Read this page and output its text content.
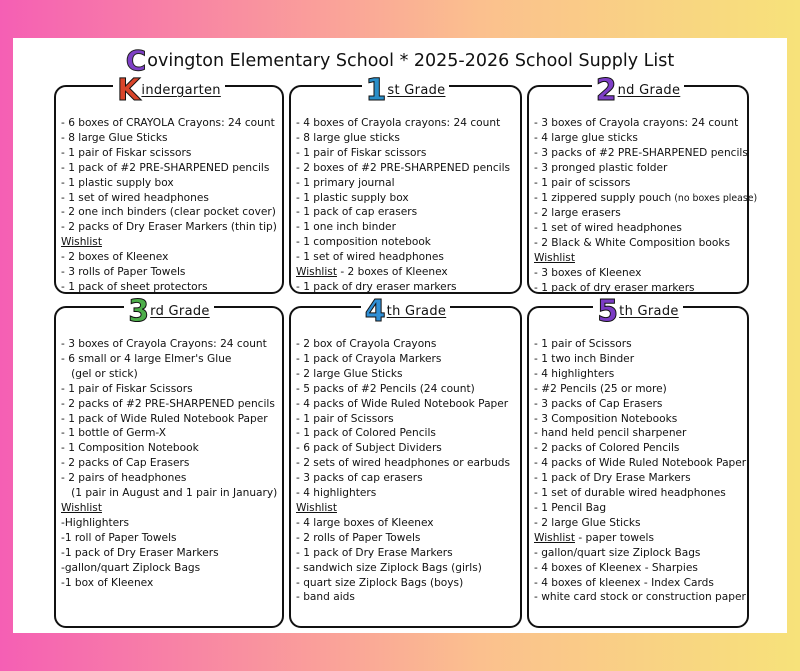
Covington Elementary School * 2025-2026 School Supply List
Kindergarten
- 6 boxes of CRAYOLA Crayons: 24 count
- 8 large Glue Sticks
- 1 pair of Fiskar scissors
- 1 pack of #2 PRE-SHARPENED pencils
- 1 plastic supply box
- 1 set of wired headphones
- 2 one inch binders (clear pocket cover)
- 2 packs of Dry Eraser Markers (thin tip)
Wishlist
- 2 boxes of Kleenex
- 3 rolls of Paper Towels
- 1 pack of sheet protectors
1st Grade
- 4 boxes of Crayola crayons: 24 count
- 8 large glue sticks
- 1 pair of Fiskar scissors
- 2 boxes of #2 PRE-SHARPENED pencils
- 1 primary journal
- 1 plastic supply box
- 1 pack of cap erasers
- 1 one inch binder
- 1 composition notebook
- 1 set of wired headphones
Wishlist - 2 boxes of Kleenex
- 1 pack of dry eraser markers
2nd Grade
- 3 boxes of Crayola crayons: 24 count
- 4 large glue sticks
- 3 packs of #2 PRE-SHARPENED pencils
- 3 pronged plastic folder
- 1 pair of scissors
- 1 zippered supply pouch (no boxes please)
- 2 large erasers
- 1 set of wired headphones
- 2 Black & White Composition books
Wishlist
- 3 boxes of Kleenex
- 1 pack of dry eraser markers
3rd Grade
- 3 boxes of Crayola Crayons: 24 count
- 6 small or 4 large Elmer's Glue
(gel or stick)
- 1 pair of Fiskar Scissors
- 2 packs of #2 PRE-SHARPENED pencils
- 1 pack of Wide Ruled Notebook Paper
- 1 bottle of Germ-X
- 1 Composition Notebook
- 2 packs of Cap Erasers
- 2 pairs of headphones
(1 pair in August and 1 pair in January)
Wishlist
-Highlighters
-1 roll of Paper Towels
-1 pack of Dry Eraser Markers
-gallon/quart Ziplock Bags
-1 box of Kleenex
4th Grade
- 2 box of Crayola Crayons
- 1 pack of Crayola Markers
- 2 large Glue Sticks
- 5 packs of #2 Pencils (24 count)
- 4 packs of Wide Ruled Notebook Paper
- 1 pair of Scissors
- 1 pack of Colored Pencils
- 6 pack of Subject Dividers
- 2 sets of wired headphones or earbuds
- 3 packs of cap erasers
- 4 highlighters
Wishlist
- 4 large boxes of Kleenex
- 2 rolls of Paper Towels
- 1 pack of Dry Erase Markers
- sandwich size Ziplock Bags (girls)
- quart size Ziplock Bags (boys)
- band aids
5th Grade
- 1 pair of Scissors
- 1 two inch Binder
- 4 highlighters
- #2 Pencils (25 or more)
- 3 packs of Cap Erasers
- 3 Composition Notebooks
- hand held pencil sharpener
- 2 packs of Colored Pencils
- 4 packs of Wide Ruled Notebook Paper
- 1 pack of Dry Erase Markers
- 1 set of durable wired headphones
- 1 Pencil Bag
- 2 large Glue Sticks
Wishlist - paper towels
- gallon/quart size Ziplock Bags
- 4 boxes of Kleenex - Sharpies
- 4 boxes of kleenex - Index Cards
- white card stock or construction paper
